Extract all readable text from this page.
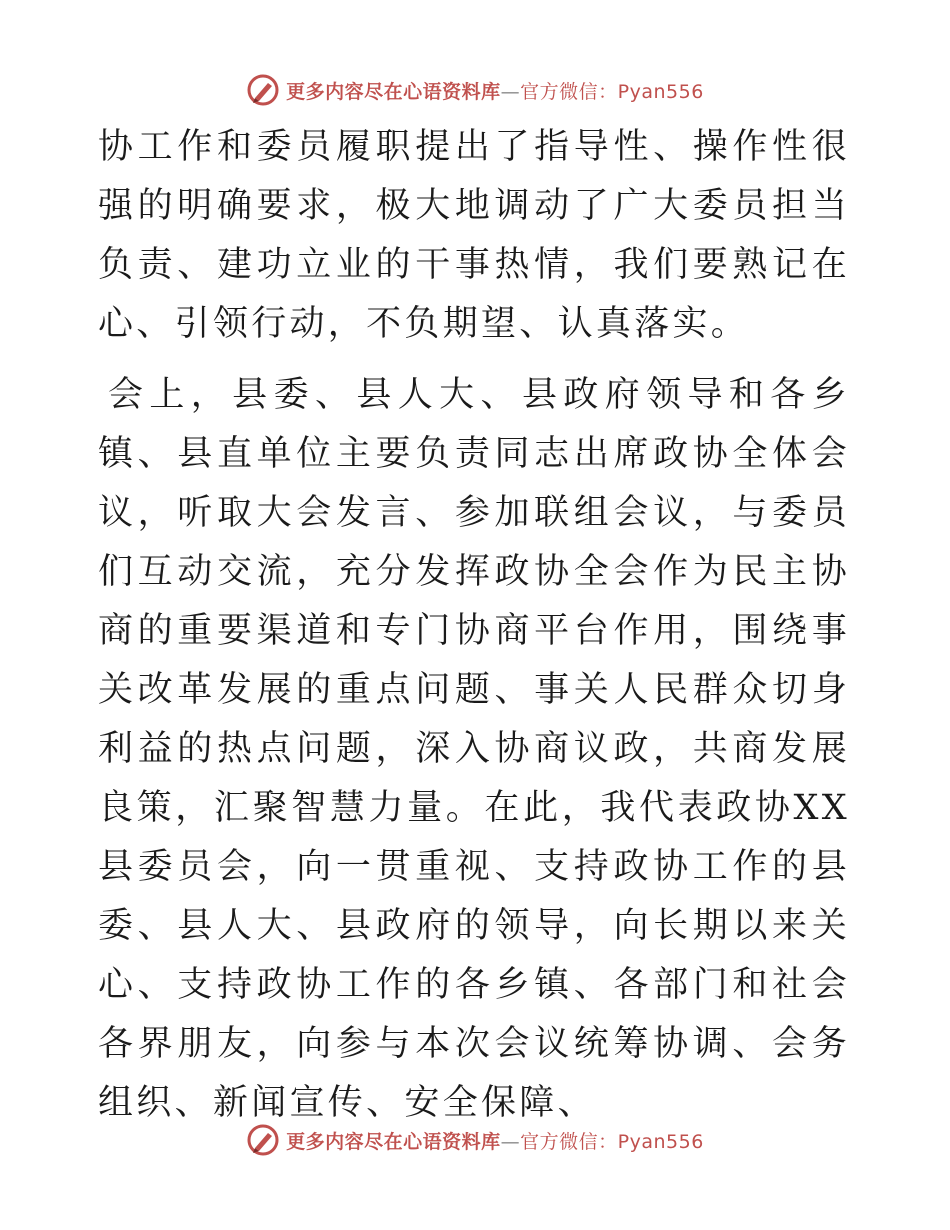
更多内容尽在心语资料库—官方微信：Pyan556

协工作和委员履职提出了指导性、操作性很强的明确要求，极大地调动了广大委员担当负责、建功立业的干事热情，我们要熟记在心、引领行动，不负期望、认真落实。

会上，县委、县人大、县政府领导和各乡镇、县直单位主要负责同志出席政协全体会议，听取大会发言、参加联组会议，与委员们互动交流，充分发挥政协全会作为民主协商的重要渠道和专门协商平台作用，围绕事关改革发展的重点问题、事关人民群众切身利益的热点问题，深入协商议政，共商发展良策，汇聚智慧力量。在此，我代表政协XX县委员会，向一贯重视、支持政协工作的县委、县人大、县政府的领导，向长期以来关心、支持政协工作的各乡镇、各部门和社会各界朋友，向参与本次会议统筹协调、会务组织、新闻宣传、安全保障、

更多内容尽在心语资料库—官方微信：Pyan556
